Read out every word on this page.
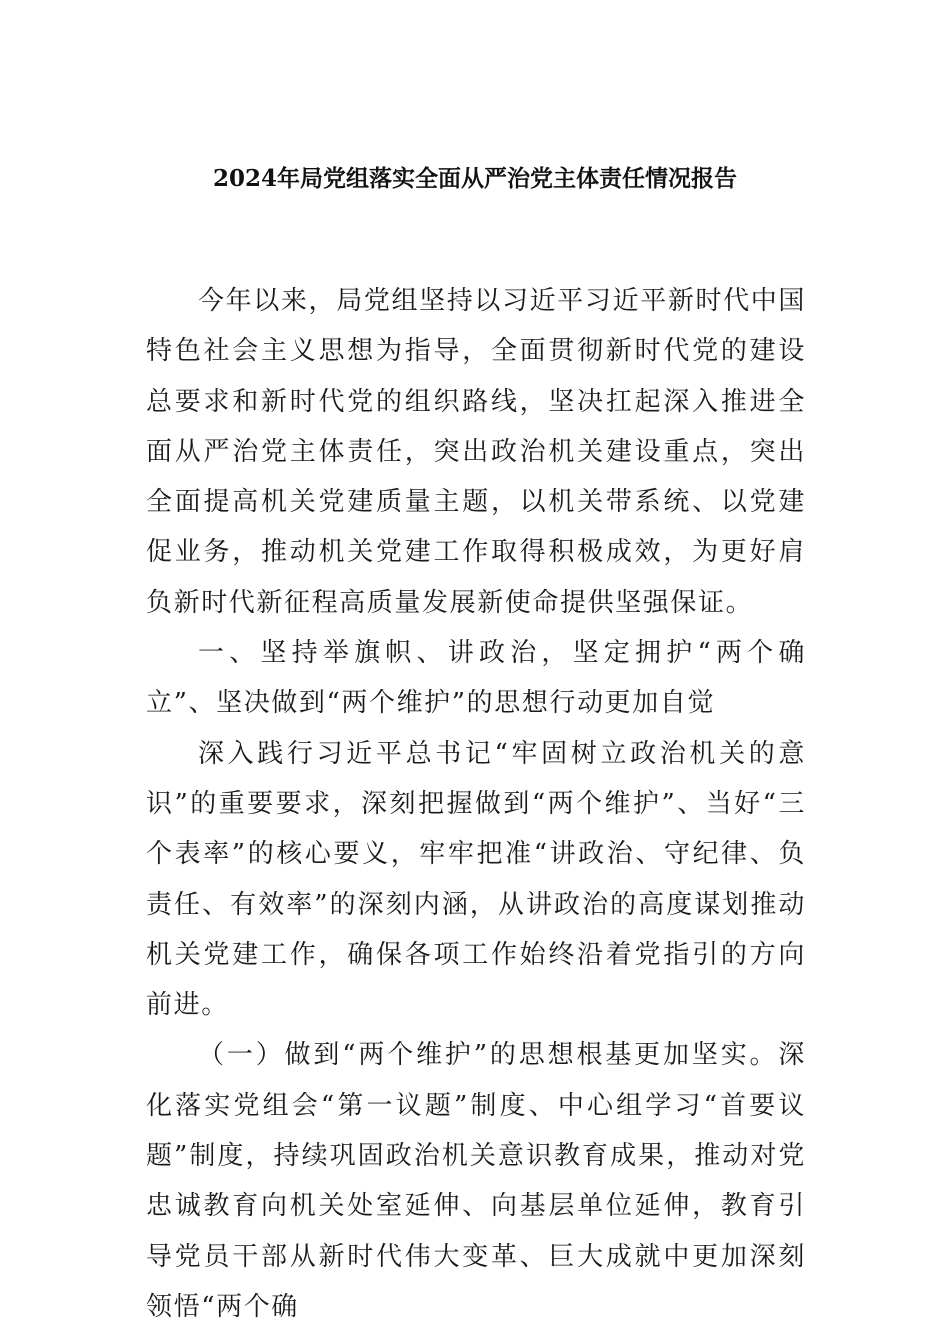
2024年局党组落实全面从严治党主体责任情况报告

今年以来，局党组坚持以习近平习近平新时代中国特色社会主义思想为指导，全面贯彻新时代党的建设总要求和新时代党的组织路线，坚决扛起深入推进全面从严治党主体责任，突出政治机关建设重点，突出全面提高机关党建质量主题，以机关带系统、以党建促业务，推动机关党建工作取得积极成效，为更好肩负新时代新征程高质量发展新使命提供坚强保证。

一、坚持举旗帜、讲政治，坚定拥护“两个确立”、坚决做到“两个维护”的思想行动更加自觉

深入践行习近平总书记“牢固树立政治机关的意识”的重要要求，深刻把握做到“两个维护”、当好“三个表率”的核心要义，牢牢把准“讲政治、守纪律、负责任、有效率”的深刻内涵，从讲政治的高度谋划推动机关党建工作，确保各项工作始终沿着党指引的方向前进。

（一）做到“两个维护”的思想根基更加坚实。深化落实党组会“第一议题”制度、中心组学习“首要议题”制度，持续巩固政治机关意识教育成果，推动对党忠诚教育向机关处室延伸、向基层单位延伸，教育引导党员干部从新时代伟大变革、巨大成就中更加深刻领悟“两个确
